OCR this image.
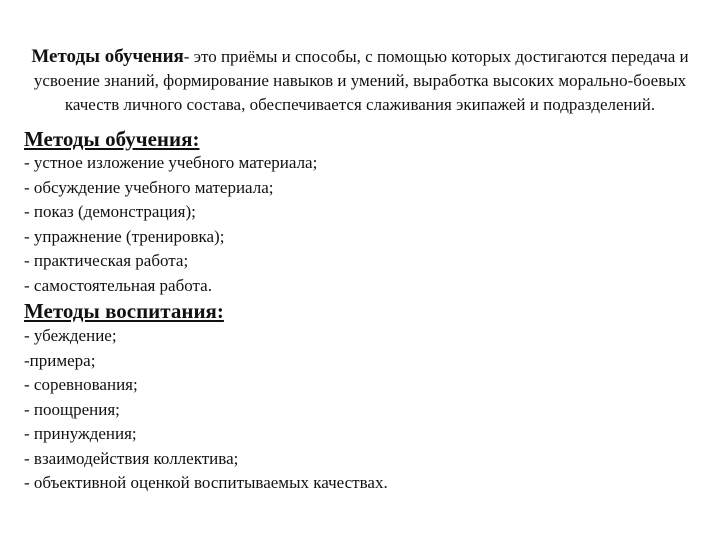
Методы обучения- это приёмы и способы, с помощью которых достигаются передача и усвоение знаний, формирование навыков и умений, выработка высоких морально-боевых качеств личного состава, обеспечивается слаживания экипажей и подразделений.

Методы обучения:
- устное изложение учебного материала;
- обсуждение учебного материала;
- показ (демонстрация);
- упражнение (тренировка);
- практическая работа;
- самостоятельная работа.
Методы воспитания:
- убеждение;
-примера;
- соревнования;
- поощрения;
- принуждения;
- взаимодействия коллектива;
- объективной оценкой воспитываемых качествах.
